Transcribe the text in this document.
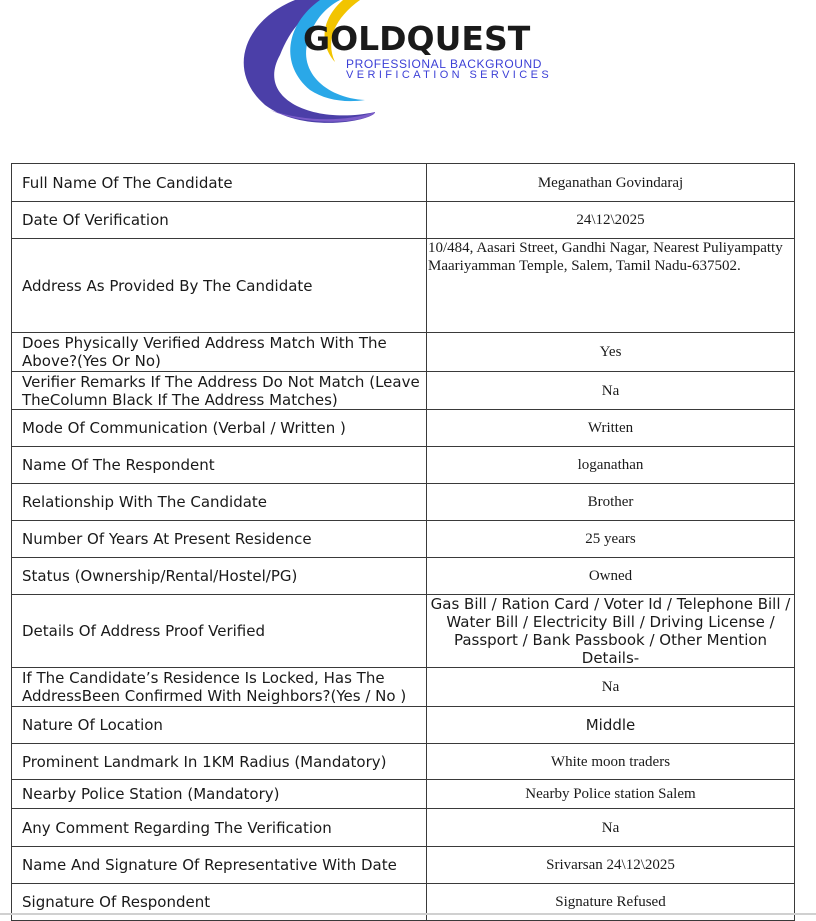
GOLDQUEST
PROFESSIONAL BACKGROUND
VERIFICATION SERVICES
Full Name Of The Candidate	Meganathan Govindaraj
Date Of Verification	24\12\2025
Address As Provided By The Candidate	10/484, Aasari Street, Gandhi Nagar, Nearest Puliyampatty Maariyamman Temple, Salem, Tamil Nadu-637502.
Does Physically Verified Address Match With The Above?(Yes Or No)	Yes
Verifier Remarks If The Address Do Not Match (Leave TheColumn Black If The Address Matches)	Na
Mode Of Communication (Verbal / Written )	Written
Name Of The Respondent	loganathan
Relationship With The Candidate	Brother
Number Of Years At Present Residence	25 years
Status (Ownership/Rental/Hostel/PG)	Owned
Details Of Address Proof Verified	Gas Bill / Ration Card / Voter Id / Telephone Bill / Water Bill / Electricity Bill / Driving License / Passport / Bank Passbook / Other Mention Details-
If The Candidate’s Residence Is Locked, Has The AddressBeen Confirmed With Neighbors?(Yes / No )	Na
Nature Of Location	Middle
Prominent Landmark In 1KM Radius (Mandatory)	White moon traders
Nearby Police Station (Mandatory)	Nearby Police station Salem
Any Comment Regarding The Verification	Na
Name And Signature Of Representative With Date	Srivarsan 24\12\2025
Signature Of Respondent	Signature Refused
